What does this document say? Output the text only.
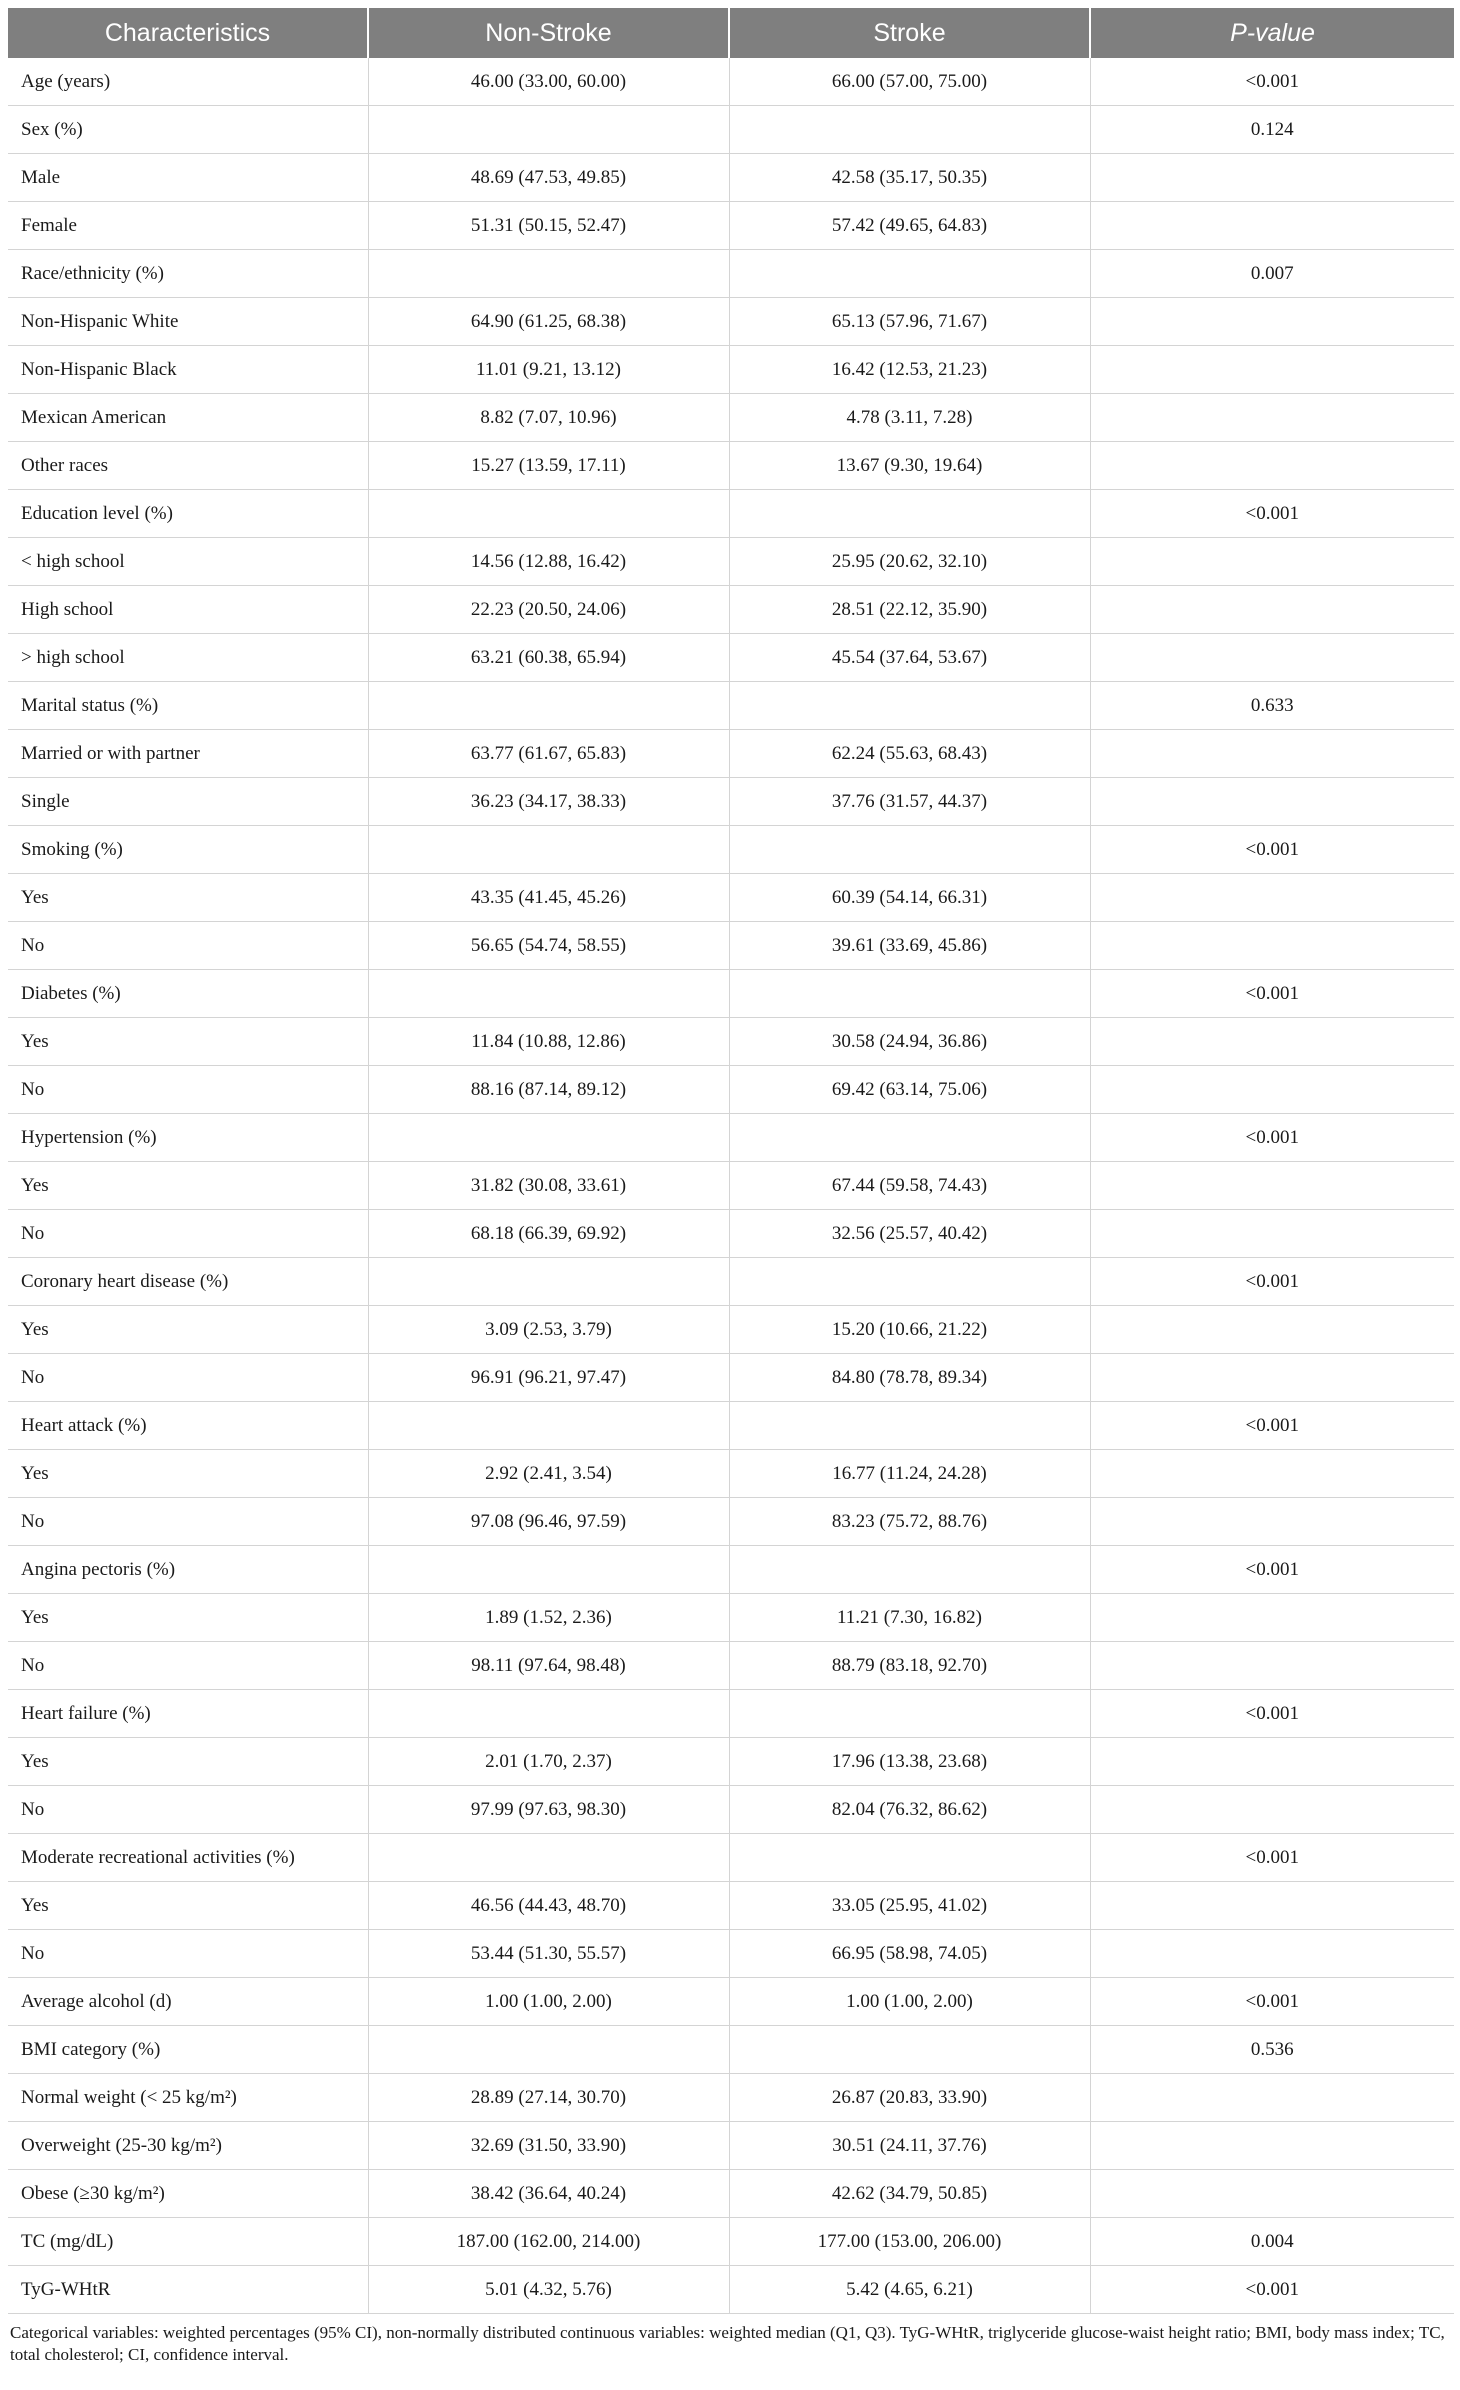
Characteristics	Non-Stroke	Stroke	P-value
Age (years)	46.00 (33.00, 60.00)	66.00 (57.00, 75.00)	<0.001
Sex (%)			0.124
Male	48.69 (47.53, 49.85)	42.58 (35.17, 50.35)	
Female	51.31 (50.15, 52.47)	57.42 (49.65, 64.83)	
Race/ethnicity (%)			0.007
Non-Hispanic White	64.90 (61.25, 68.38)	65.13 (57.96, 71.67)	
Non-Hispanic Black	11.01 (9.21, 13.12)	16.42 (12.53, 21.23)	
Mexican American	8.82 (7.07, 10.96)	4.78 (3.11, 7.28)	
Other races	15.27 (13.59, 17.11)	13.67 (9.30, 19.64)	
Education level (%)			<0.001
< high school	14.56 (12.88, 16.42)	25.95 (20.62, 32.10)	
High school	22.23 (20.50, 24.06)	28.51 (22.12, 35.90)	
> high school	63.21 (60.38, 65.94)	45.54 (37.64, 53.67)	
Marital status (%)			0.633
Married or with partner	63.77 (61.67, 65.83)	62.24 (55.63, 68.43)	
Single	36.23 (34.17, 38.33)	37.76 (31.57, 44.37)	
Smoking (%)			<0.001
Yes	43.35 (41.45, 45.26)	60.39 (54.14, 66.31)	
No	56.65 (54.74, 58.55)	39.61 (33.69, 45.86)	
Diabetes (%)			<0.001
Yes	11.84 (10.88, 12.86)	30.58 (24.94, 36.86)	
No	88.16 (87.14, 89.12)	69.42 (63.14, 75.06)	
Hypertension (%)			<0.001
Yes	31.82 (30.08, 33.61)	67.44 (59.58, 74.43)	
No	68.18 (66.39, 69.92)	32.56 (25.57, 40.42)	
Coronary heart disease (%)			<0.001
Yes	3.09 (2.53, 3.79)	15.20 (10.66, 21.22)	
No	96.91 (96.21, 97.47)	84.80 (78.78, 89.34)	
Heart attack (%)			<0.001
Yes	2.92 (2.41, 3.54)	16.77 (11.24, 24.28)	
No	97.08 (96.46, 97.59)	83.23 (75.72, 88.76)	
Angina pectoris (%)			<0.001
Yes	1.89 (1.52, 2.36)	11.21 (7.30, 16.82)	
No	98.11 (97.64, 98.48)	88.79 (83.18, 92.70)	
Heart failure (%)			<0.001
Yes	2.01 (1.70, 2.37)	17.96 (13.38, 23.68)	
No	97.99 (97.63, 98.30)	82.04 (76.32, 86.62)	
Moderate recreational activities (%)			<0.001
Yes	46.56 (44.43, 48.70)	33.05 (25.95, 41.02)	
No	53.44 (51.30, 55.57)	66.95 (58.98, 74.05)	
Average alcohol (d)	1.00 (1.00, 2.00)	1.00 (1.00, 2.00)	<0.001
BMI category (%)			0.536
Normal weight (< 25 kg/m²)	28.89 (27.14, 30.70)	26.87 (20.83, 33.90)	
Overweight (25-30 kg/m²)	32.69 (31.50, 33.90)	30.51 (24.11, 37.76)	
Obese (≥30 kg/m²)	38.42 (36.64, 40.24)	42.62 (34.79, 50.85)	
TC (mg/dL)	187.00 (162.00, 214.00)	177.00 (153.00, 206.00)	0.004
TyG-WHtR	5.01 (4.32, 5.76)	5.42 (4.65, 6.21)	<0.001
Categorical variables: weighted percentages (95% CI), non-normally distributed continuous variables: weighted median (Q1, Q3). TyG-WHtR, triglyceride glucose-waist height ratio; BMI, body mass index; TC, total cholesterol; CI, confidence interval.
